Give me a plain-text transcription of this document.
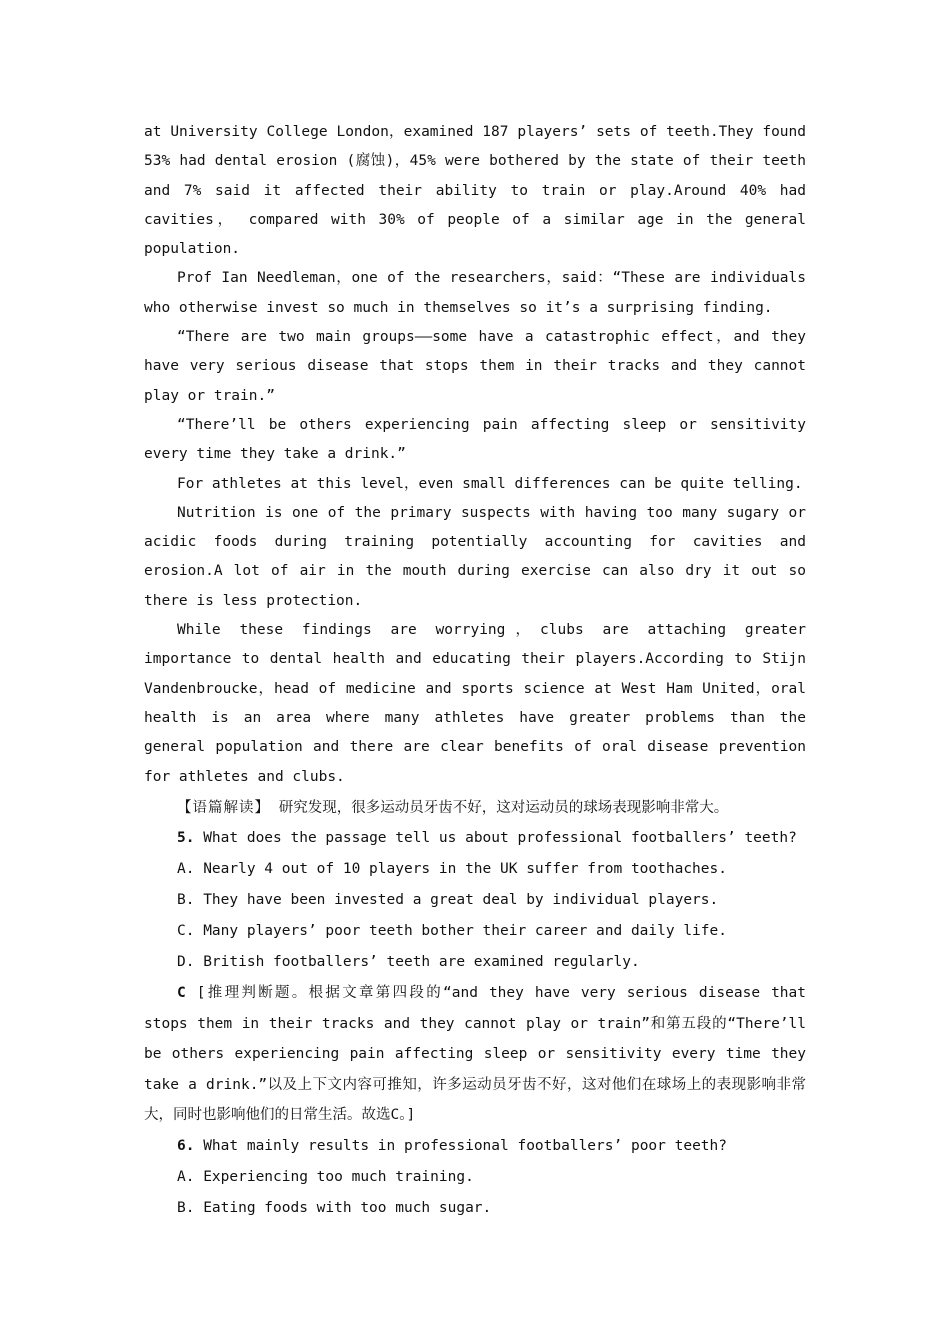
at University College London，examined 187 players’ sets of teeth.They found 53% had dental erosion (腐蚀)，45% were bothered by the state of their teeth and 7% said it affected their ability to train or play.Around 40% had cavities， compared with 30% of people of a similar age in the general population.

Prof Ian Needleman，one of the researchers，said：“These are individuals who otherwise invest so much in themselves so it’s a surprising finding.

“There are two main groups——some have a catastrophic effect，and they have very serious disease that stops them in their tracks and they cannot play or train.”

“There’ll be others experiencing pain affecting sleep or sensitivity every time they take a drink.”

For athletes at this level，even small differences can be quite telling.

Nutrition is one of the primary suspects with having too many sugary or acidic foods during training potentially accounting for cavities and erosion.A lot of air in the mouth during exercise can also dry it out so there is less protection.

While these findings are worrying，clubs are attaching greater importance to dental health and educating their players.According to Stijn Vandenbroucke，head of medicine and sports science at West Ham United，oral health is an area where many athletes have greater problems than the general population and there are clear benefits of oral disease prevention for athletes and clubs.

【语篇解读】 研究发现，很多运动员牙齿不好，这对运动员的球场表现影响非常大。

5. What does the passage tell us about professional footballers’ teeth?

A. Nearly 4 out of 10 players in the UK suffer from toothaches.

B. They have been invested a great deal by individual players.

C. Many players’ poor teeth bother their career and daily life.

D. British footballers’ teeth are examined regularly.

C [推理判断题。根据文章第四段的“and they have very serious disease that stops them in their tracks and they cannot play or train”和第五段的“There’ll be others experiencing pain affecting sleep or sensitivity every time they take a drink.”以及上下文内容可推知，许多运动员牙齿不好，这对他们在球场上的表现影响非常大，同时也影响他们的日常生活。故选C。]

6. What mainly results in professional footballers’ poor teeth?

A. Experiencing too much training.

B. Eating foods with too much sugar.
